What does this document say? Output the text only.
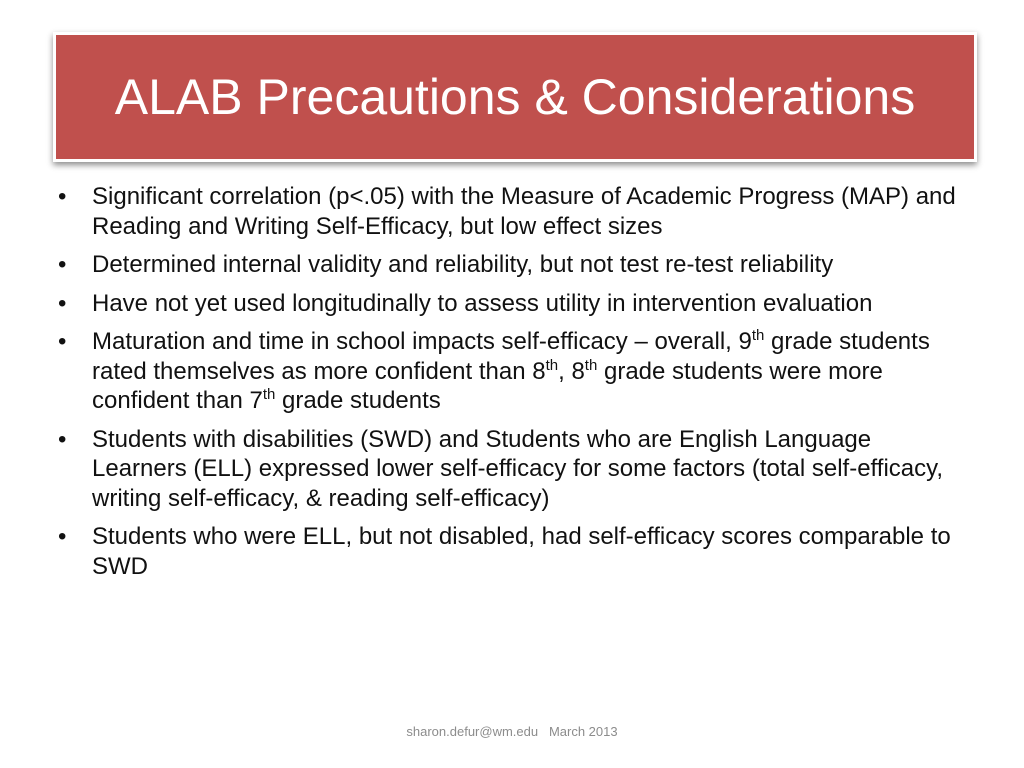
ALAB Precautions & Considerations
• Significant correlation (p<.05) with the Measure of Academic Progress (MAP) and Reading and Writing Self-Efficacy, but low effect sizes
• Determined internal validity and reliability, but not test re-test reliability
• Have not yet used longitudinally to assess utility in intervention evaluation
• Maturation and time in school impacts self-efficacy – overall, 9th grade students rated themselves as more confident than 8th, 8th grade students were more confident than 7th grade students
• Students with disabilities (SWD) and Students who are English Language Learners (ELL) expressed lower self-efficacy for some factors (total self-efficacy, writing self-efficacy, & reading self-efficacy)
• Students who were ELL, but not disabled, had self-efficacy scores comparable to SWD
sharon.defur@wm.edu March 2013
